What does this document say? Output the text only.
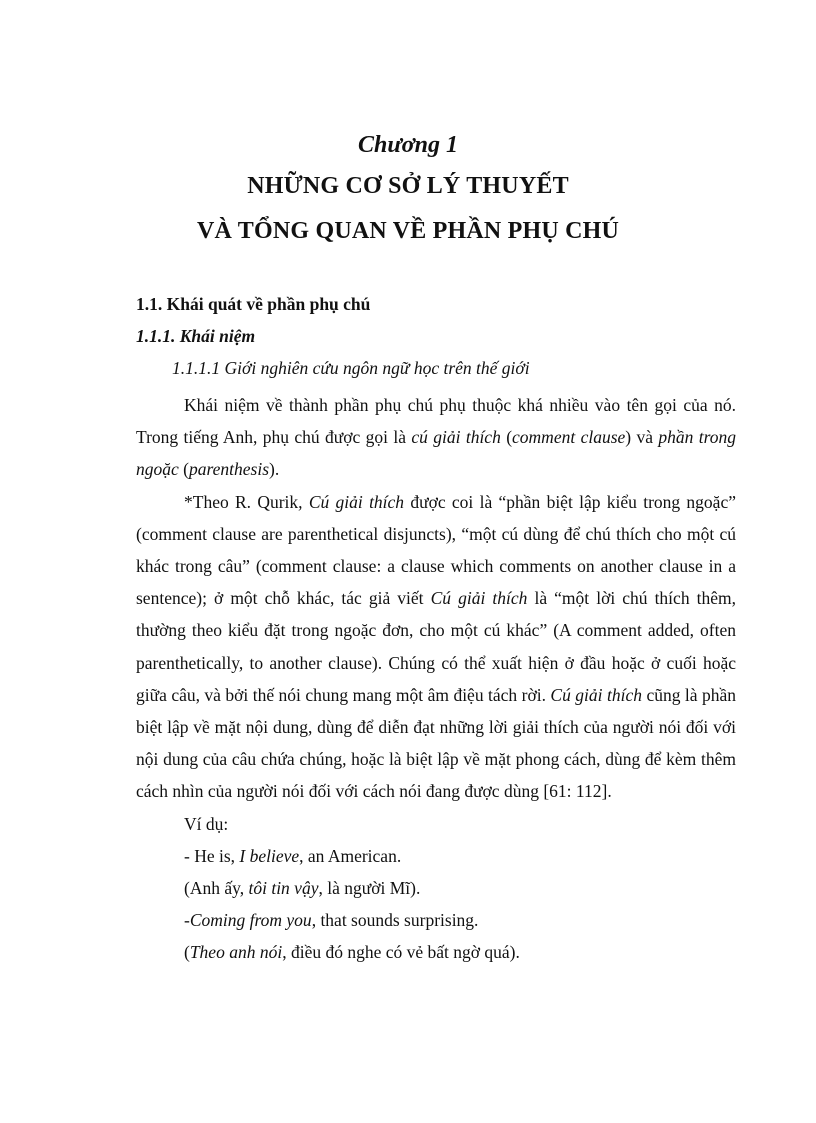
Chương 1
NHỮNG CƠ SỞ LÝ THUYẾT
VÀ TỔNG QUAN VỀ PHẦN PHỤ CHÚ
1.1. Khái quát về phần phụ chú
1.1.1. Khái niệm
1.1.1.1 Giới nghiên cứu ngôn ngữ học trên thế giới

Khái niệm về thành phần phụ chú phụ thuộc khá nhiều vào tên gọi của nó. Trong tiếng Anh, phụ chú được gọi là cú giải thích (comment clause) và phần trong ngoặc (parenthesis).

*Theo R. Qurik, Cú giải thích được coi là “phần biệt lập kiểu trong ngoặc” (comment clause are parenthetical disjuncts), “một cú dùng để chú thích cho một cú khác trong câu” (comment clause: a clause which comments on another clause in a sentence); ở một chỗ khác, tác giả viết Cú giải thích là “một lời chú thích thêm, thường theo kiểu đặt trong ngoặc đơn, cho một cú khác” (A comment added, often parenthetically, to another clause). Chúng có thể xuất hiện ở đầu hoặc ở cuối hoặc giữa câu, và bởi thế nói chung mang một âm điệu tách rời. Cú giải thích cũng là phần biệt lập về mặt nội dung, dùng để diễn đạt những lời giải thích của người nói đối với nội dung của câu chứa chúng, hoặc là biệt lập về mặt phong cách, dùng để kèm thêm cách nhìn của người nói đối với cách nói đang được dùng [61: 112].

Ví dụ:

- He is, I believe, an American.

(Anh ấy, tôi tin vậy, là người Mĩ).

-Coming from you, that sounds surprising.

(Theo anh nói, điều đó nghe có vẻ bất ngờ quá).
